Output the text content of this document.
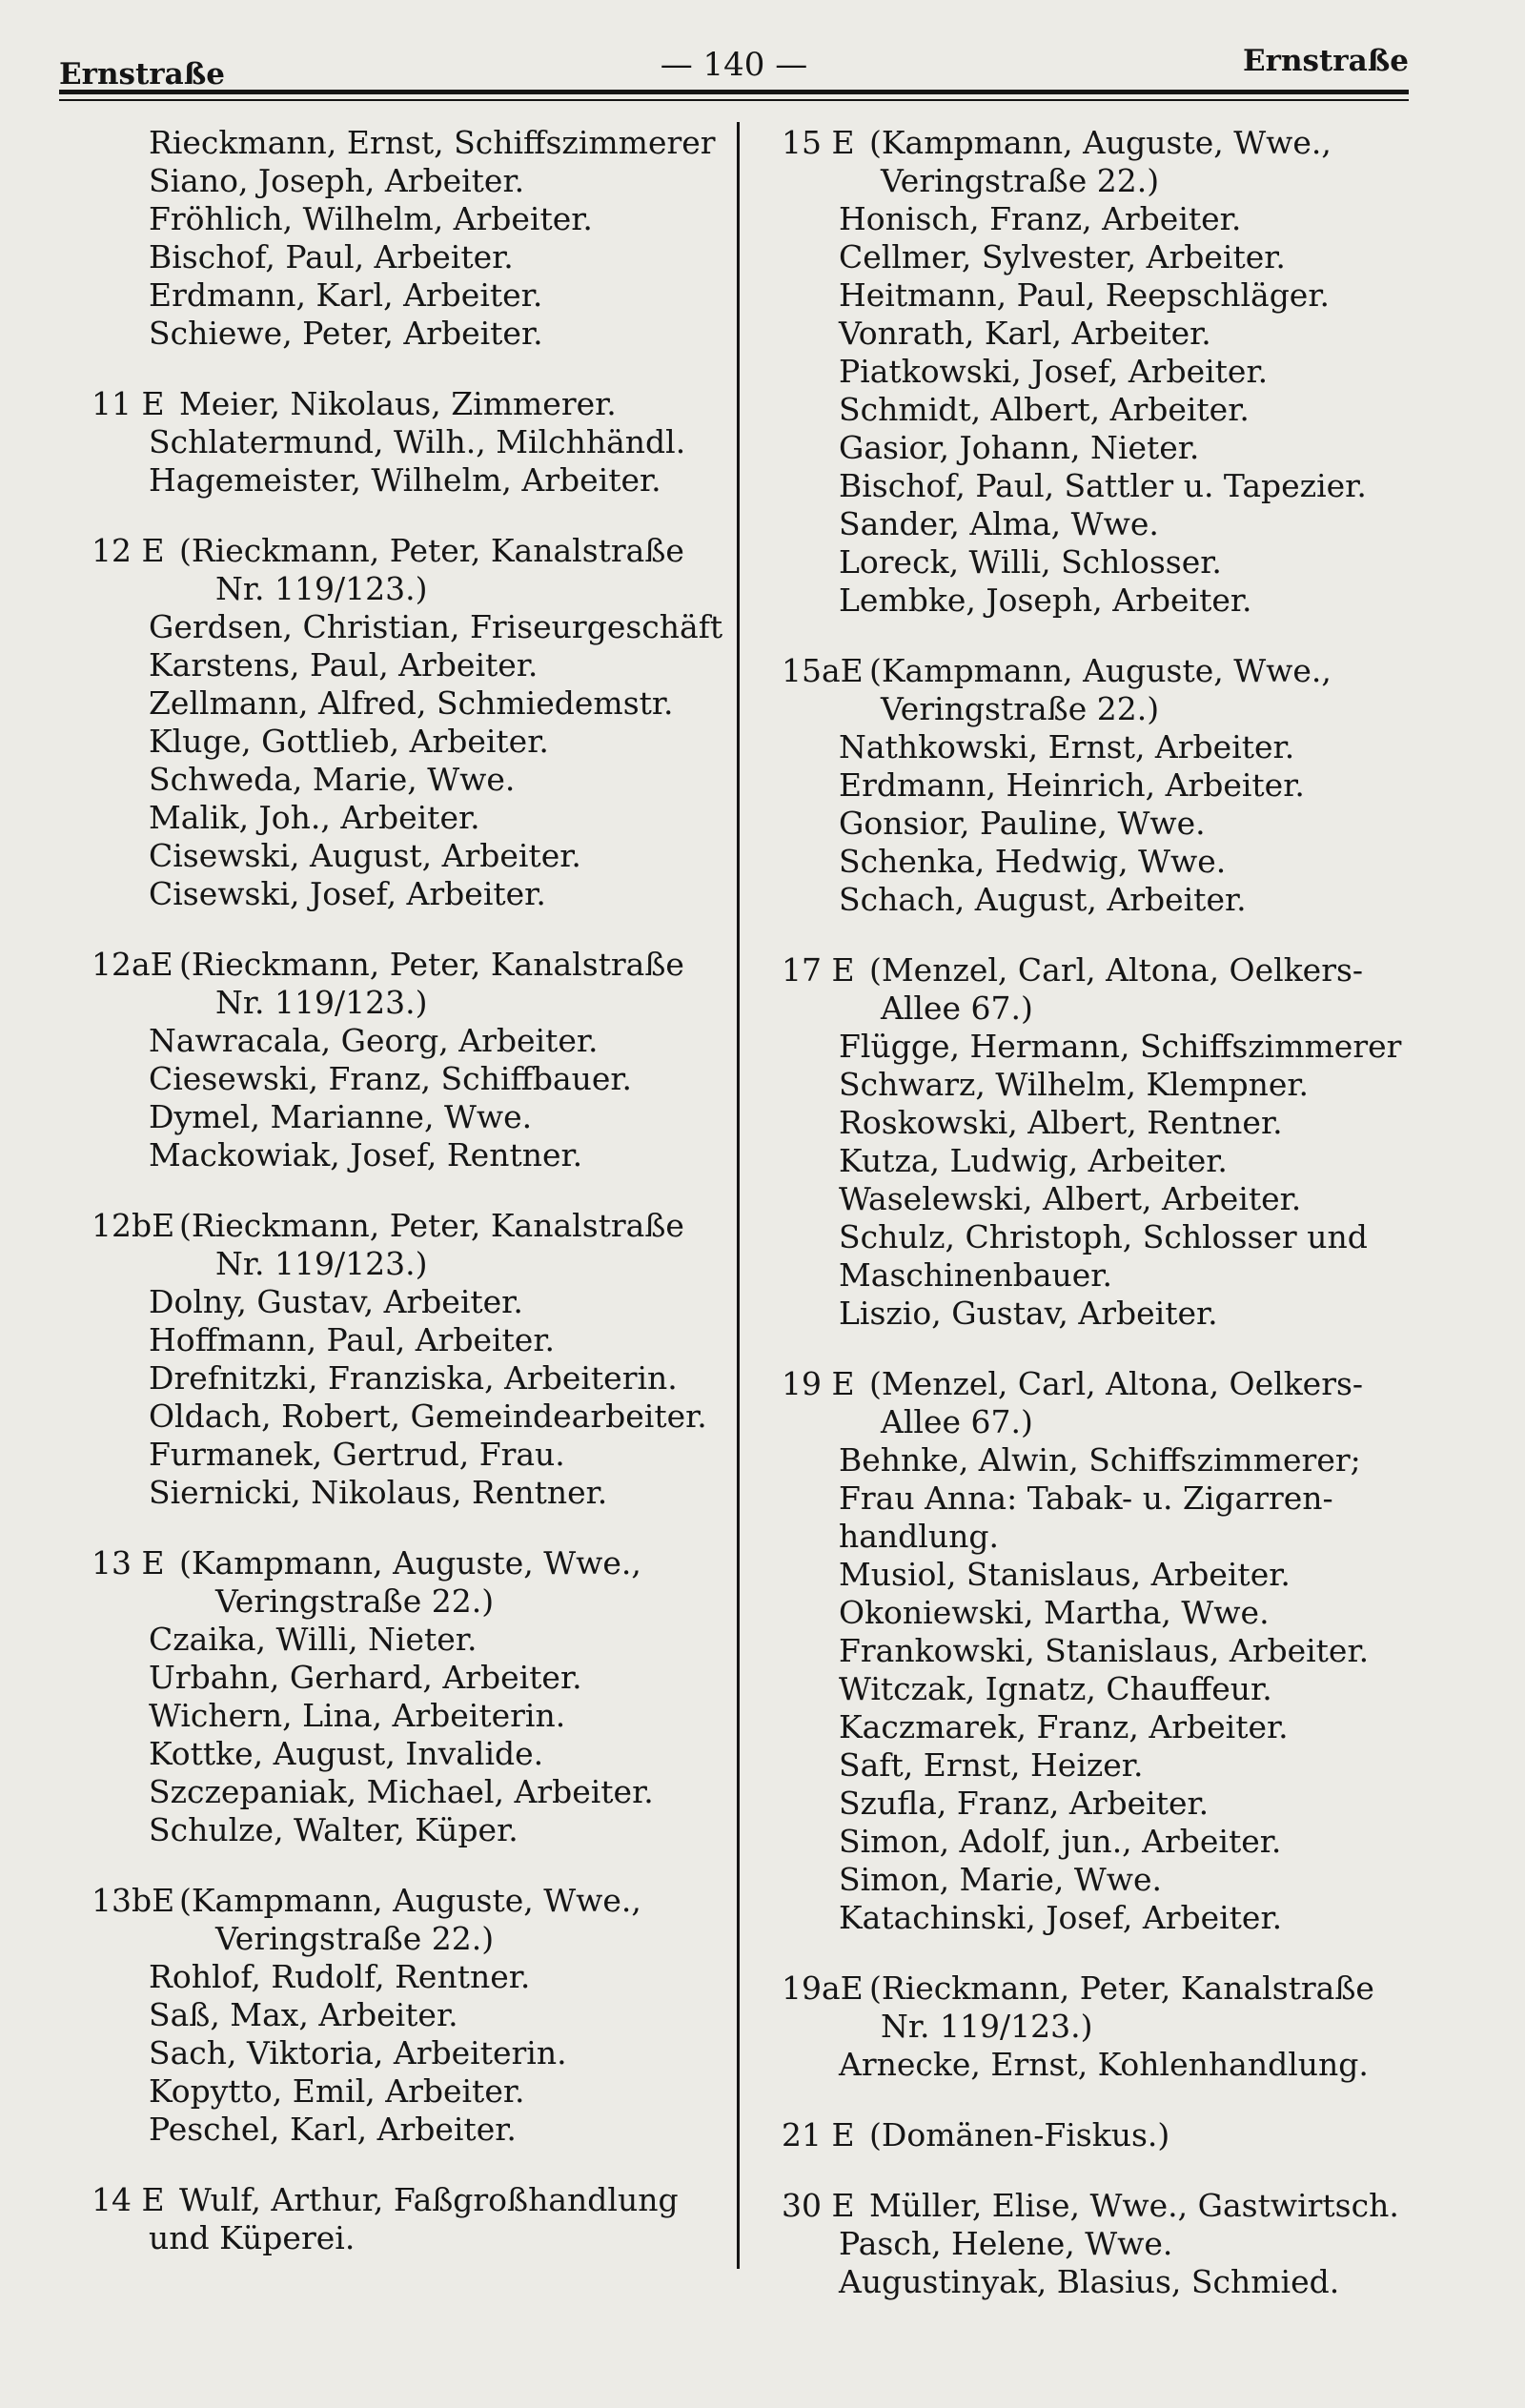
Ernstraße	— 140 —	Ernstraße
Rieckmann, Ernst, Schiffszimmerer
Siano, Joseph, Arbeiter.
Fröhlich, Wilhelm, Arbeiter.
Bischof, Paul, Arbeiter.
Erdmann, Karl, Arbeiter.
Schiewe, Peter, Arbeiter.
11 E Meier, Nikolaus, Zimmerer.
Schlatermund, Wilh., Milchhändl.
Hagemeister, Wilhelm, Arbeiter.
12 E (Rieckmann, Peter, Kanalstraße
Nr. 119/123.)
Gerdsen, Christian, Friseurgeschäft
Karstens, Paul, Arbeiter.
Zellmann, Alfred, Schmiedemstr.
Kluge, Gottlieb, Arbeiter.
Schweda, Marie, Wwe.
Malik, Joh., Arbeiter.
Cisewski, August, Arbeiter.
Cisewski, Josef, Arbeiter.
12aE (Rieckmann, Peter, Kanalstraße
Nr. 119/123.)
Nawracala, Georg, Arbeiter.
Ciesewski, Franz, Schiffbauer.
Dymel, Marianne, Wwe.
Mackowiak, Josef, Rentner.
12bE (Rieckmann, Peter, Kanalstraße
Nr. 119/123.)
Dolny, Gustav, Arbeiter.
Hoffmann, Paul, Arbeiter.
Drefnitzki, Franziska, Arbeiterin.
Oldach, Robert, Gemeindearbeiter.
Furmanek, Gertrud, Frau.
Siernicki, Nikolaus, Rentner.
13 E (Kampmann, Auguste, Wwe.,
Veringstraße 22.)
Czaika, Willi, Nieter.
Urbahn, Gerhard, Arbeiter.
Wichern, Lina, Arbeiterin.
Kottke, August, Invalide.
Szczepaniak, Michael, Arbeiter.
Schulze, Walter, Küper.
13bE (Kampmann, Auguste, Wwe.,
Veringstraße 22.)
Rohlof, Rudolf, Rentner.
Saß, Max, Arbeiter.
Sach, Viktoria, Arbeiterin.
Kopytto, Emil, Arbeiter.
Peschel, Karl, Arbeiter.
14 E Wulf, Arthur, Faßgroßhandlung
und Küperei.
15 E (Kampmann, Auguste, Wwe.,
Veringstraße 22.)
Honisch, Franz, Arbeiter.
Cellmer, Sylvester, Arbeiter.
Heitmann, Paul, Reepschläger.
Vonrath, Karl, Arbeiter.
Piatkowski, Josef, Arbeiter.
Schmidt, Albert, Arbeiter.
Gasior, Johann, Nieter.
Bischof, Paul, Sattler u. Tapezier.
Sander, Alma, Wwe.
Loreck, Willi, Schlosser.
Lembke, Joseph, Arbeiter.
15aE (Kampmann, Auguste, Wwe.,
Veringstraße 22.)
Nathkowski, Ernst, Arbeiter.
Erdmann, Heinrich, Arbeiter.
Gonsior, Pauline, Wwe.
Schenka, Hedwig, Wwe.
Schach, August, Arbeiter.
17 E (Menzel, Carl, Altona, Oelkers-
Allee 67.)
Flügge, Hermann, Schiffszimmerer
Schwarz, Wilhelm, Klempner.
Roskowski, Albert, Rentner.
Kutza, Ludwig, Arbeiter.
Waselewski, Albert, Arbeiter.
Schulz, Christoph, Schlosser und
Maschinenbauer.
Liszio, Gustav, Arbeiter.
19 E (Menzel, Carl, Altona, Oelkers-
Allee 67.)
Behnke, Alwin, Schiffszimmerer;
Frau Anna: Tabak- u. Zigarren-
handlung.
Musiol, Stanislaus, Arbeiter.
Okoniewski, Martha, Wwe.
Frankowski, Stanislaus, Arbeiter.
Witczak, Ignatz, Chauffeur.
Kaczmarek, Franz, Arbeiter.
Saft, Ernst, Heizer.
Szufla, Franz, Arbeiter.
Simon, Adolf, jun., Arbeiter.
Simon, Marie, Wwe.
Katachinski, Josef, Arbeiter.
19aE (Rieckmann, Peter, Kanalstraße
Nr. 119/123.)
Arnecke, Ernst, Kohlenhandlung.
21 E (Domänen-Fiskus.)
30 E Müller, Elise, Wwe., Gastwirtsch.
Pasch, Helene, Wwe.
Augustinyak, Blasius, Schmied.
